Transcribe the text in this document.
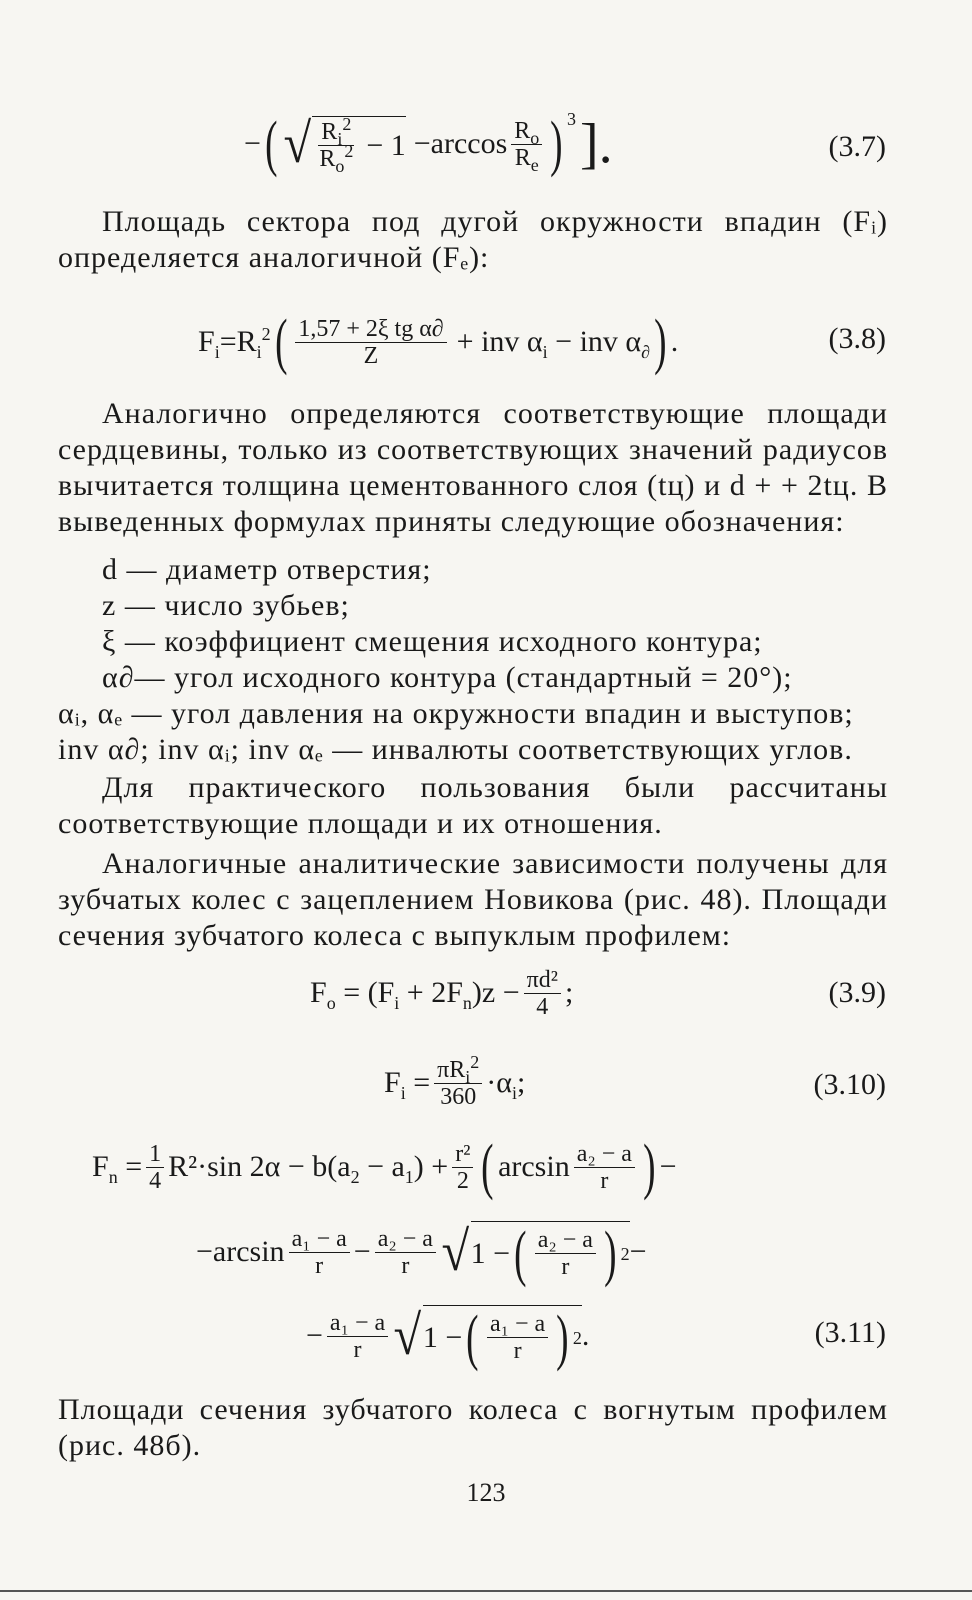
− ( √ $\frac{R_i^2}{R_o^2} - 1 -\arccos \frac{R_o}{R_e}$ ) 3 ].	(3.7)

Площадь сектора под дугой окружности впадин (Fᵢ) определяется аналогичной (Fₑ):

$F_i=R_i^2$ ( $\frac{\text{1,57 + 2ξ tg α∂}}{Z}$ + inv $\alpha_i$ − inv $\alpha_\partial$ ) .	(3.8)

Аналогично определяются соответствующие площади сердцевины, только из соответствующих значений радиусов вычитается толщина цементованного слоя (tц) и d + + 2tц. В выведенных формулах приняты следующие обозначения:

d — диаметр отверстия;
z — число зубьев;
ξ — коэффициент смещения исходного контура;
α∂— угол исходного контура (стандартный = 20°);
αᵢ, αₑ — угол давления на окружности впадин и выступов;
inv α∂; inv αᵢ; inv αₑ — инвалюты соответствующих углов.

Для практического пользования были рассчитаны соответствующие площади и их отношения.

Аналогичные аналитические зависимости получены для зубчатых колес с зацеплением Новикова (рис. 48). Площади сечения зубчатого колеса с выпуклым профилем:

$F_o = (F_i + 2F_n)z - \frac{\text{πd²}}{4}$ ;	(3.9)
$F_i = \frac{\pi R_i^2}{360} \cdot\alpha_i$;	(3.10)
$F_n = \frac{1}{4} R^2\cdot\sin$ $2\alpha - b(a_2 - a_1) + \frac{\text{r²}}{2}$ ( $\arcsin \frac{\text{a₂ − a}}{r}$ ) −
$-\arcsin \frac{\text{a₁ − a}}{r} - \frac{\text{a₂ − a}}{r}$ √ 1 − ( $\frac{\text{a₂ − a}}{r}$ ) 2 −
− $\frac{\text{a₁ − a}}{r}$ √ 1 − ( $\frac{\text{a₁ − a}}{r}$ ) 2 .	(3.11)

Площади сечения зубчатого колеса с вогнутым профилем (рис. 48б).

123
